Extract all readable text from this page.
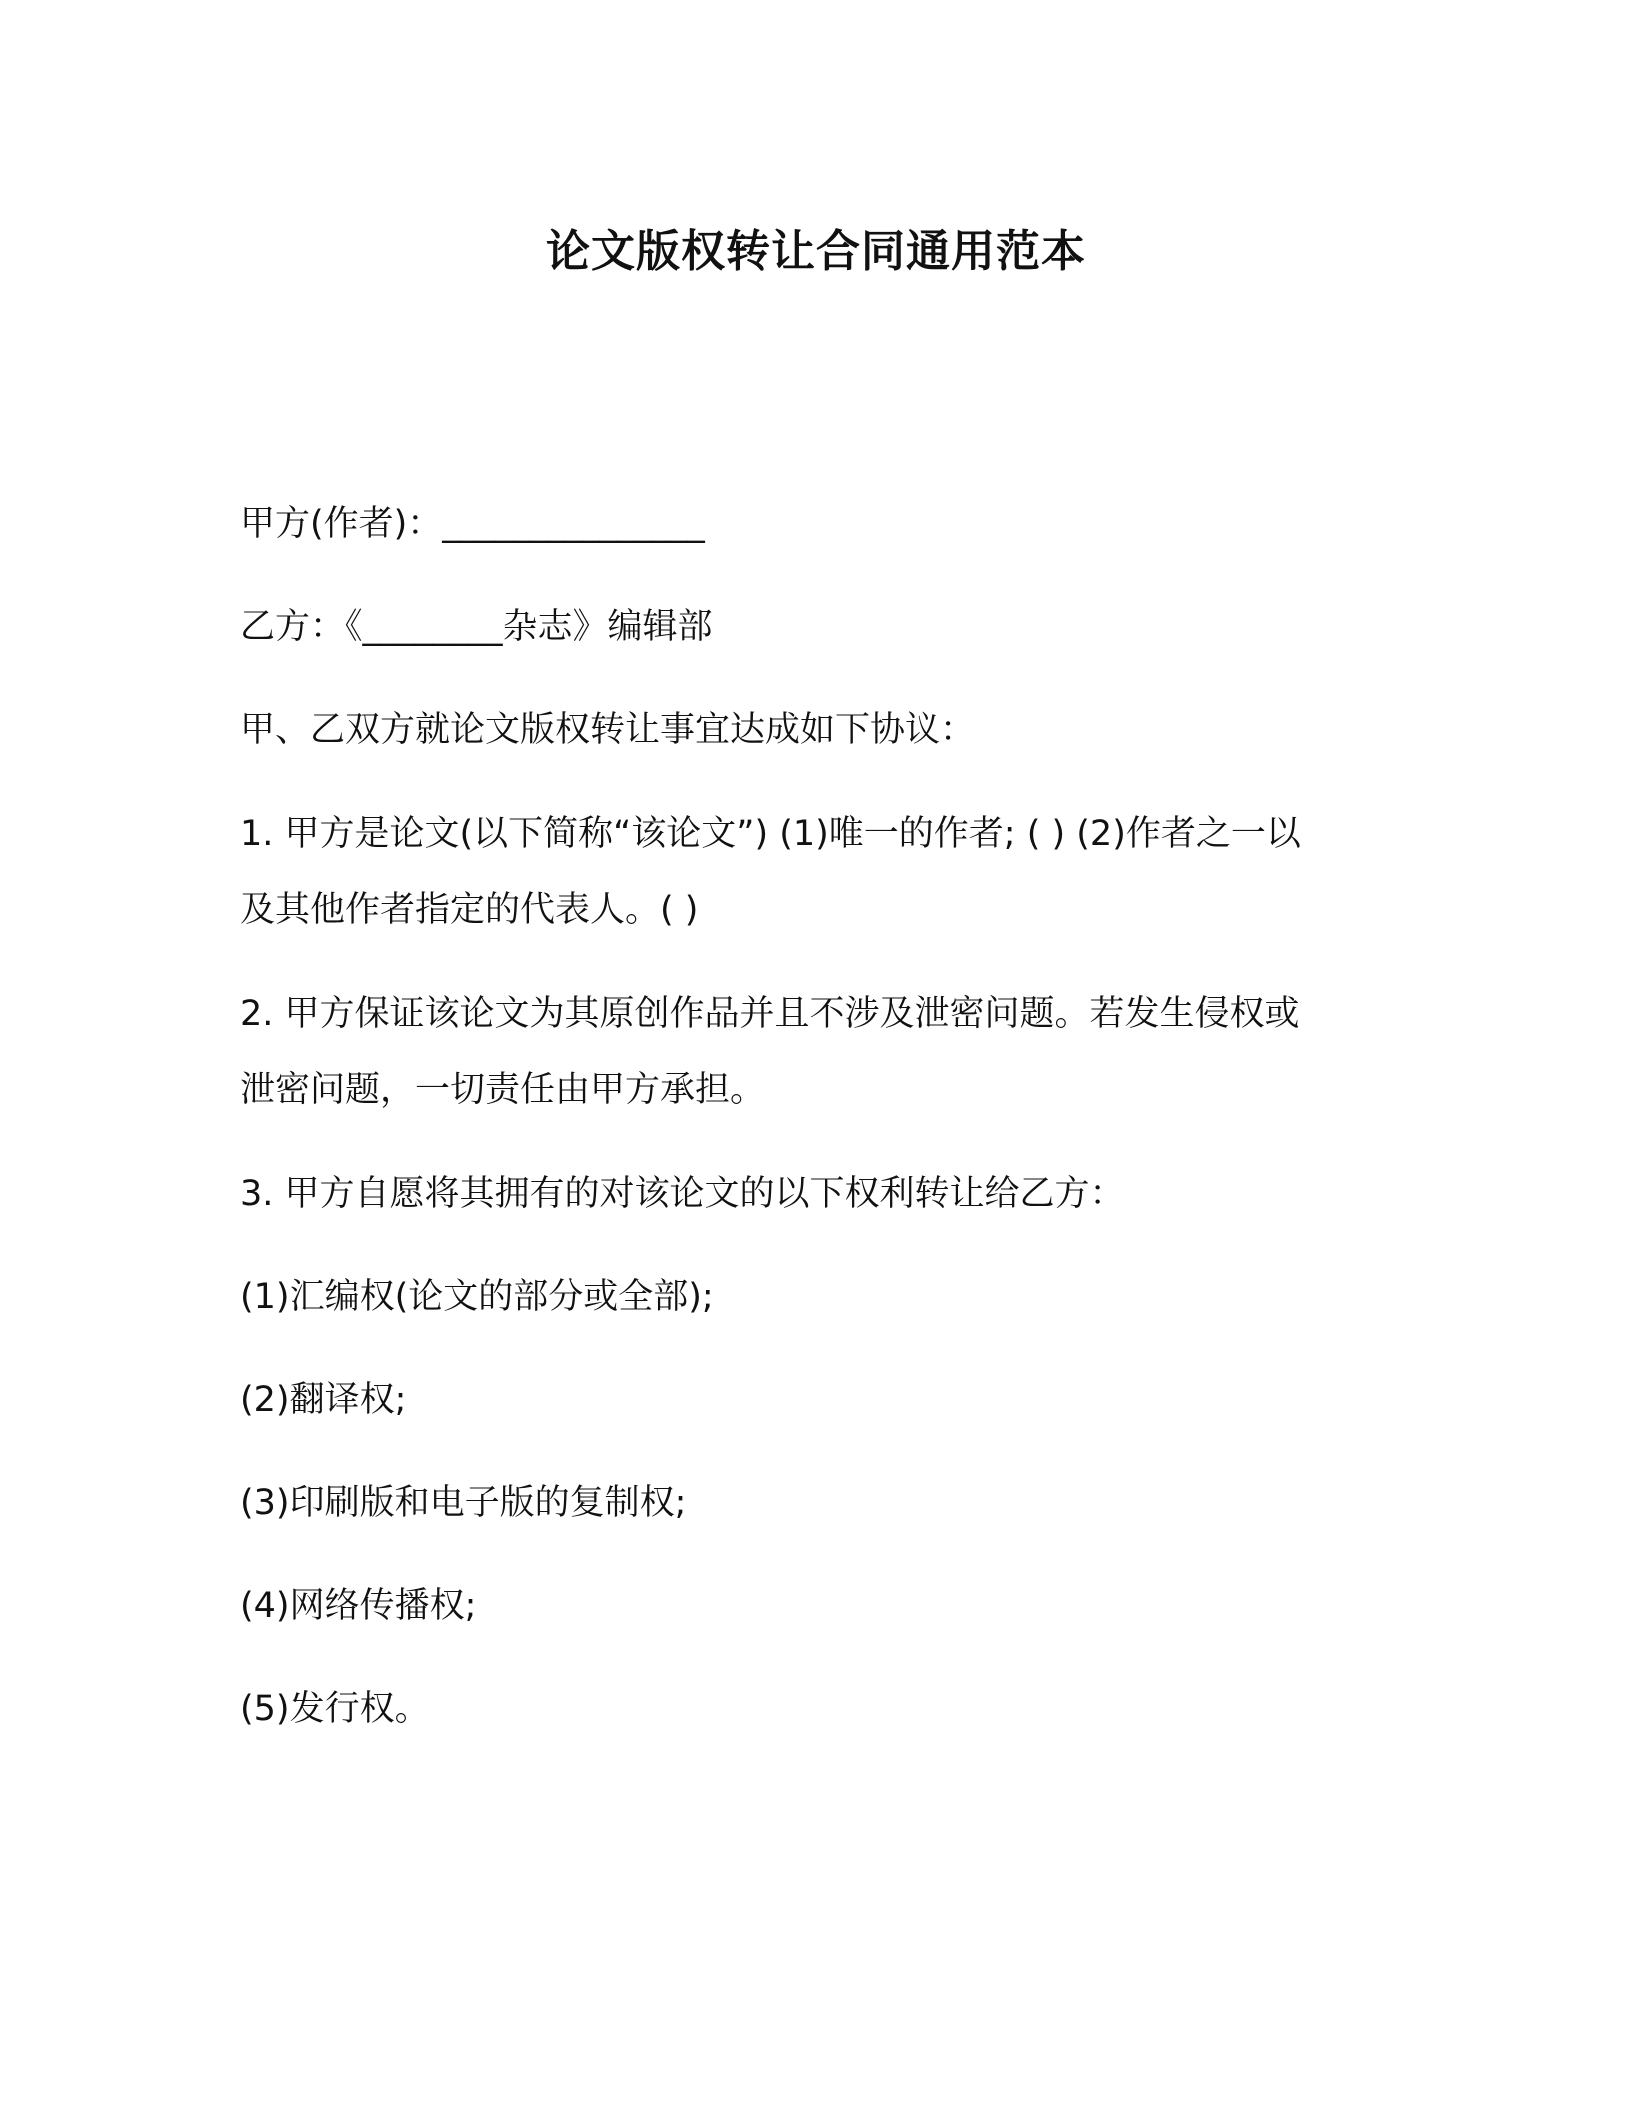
论文版权转让合同通用范本
甲方(作者)：_______________
乙方：《________杂志》编辑部
甲、乙双方就论文版权转让事宜达成如下协议：
1. 甲方是论文(以下简称“该论文”) (1)唯一的作者; ( ) (2)作者之一以
及其他作者指定的代表人。( )
2. 甲方保证该论文为其原创作品并且不涉及泄密问题。若发生侵权或
泄密问题，一切责任由甲方承担。
3. 甲方自愿将其拥有的对该论文的以下权利转让给乙方：
(1)汇编权(论文的部分或全部);
(2)翻译权;
(3)印刷版和电子版的复制权;
(4)网络传播权;
(5)发行权。
